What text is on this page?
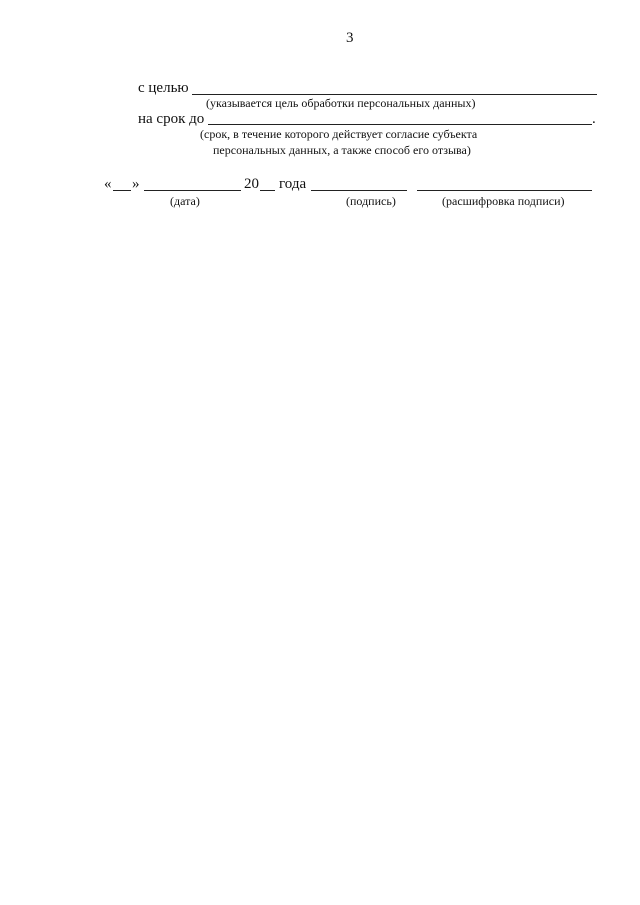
3
с целью
(указывается цель обработки персональных данных)
на срок до	.
(срок, в течение которого действует согласие субъекта
персональных данных, а также способ его отзыва)
« »	20 года
(дата)	(подпись)	(расшифровка подписи)
